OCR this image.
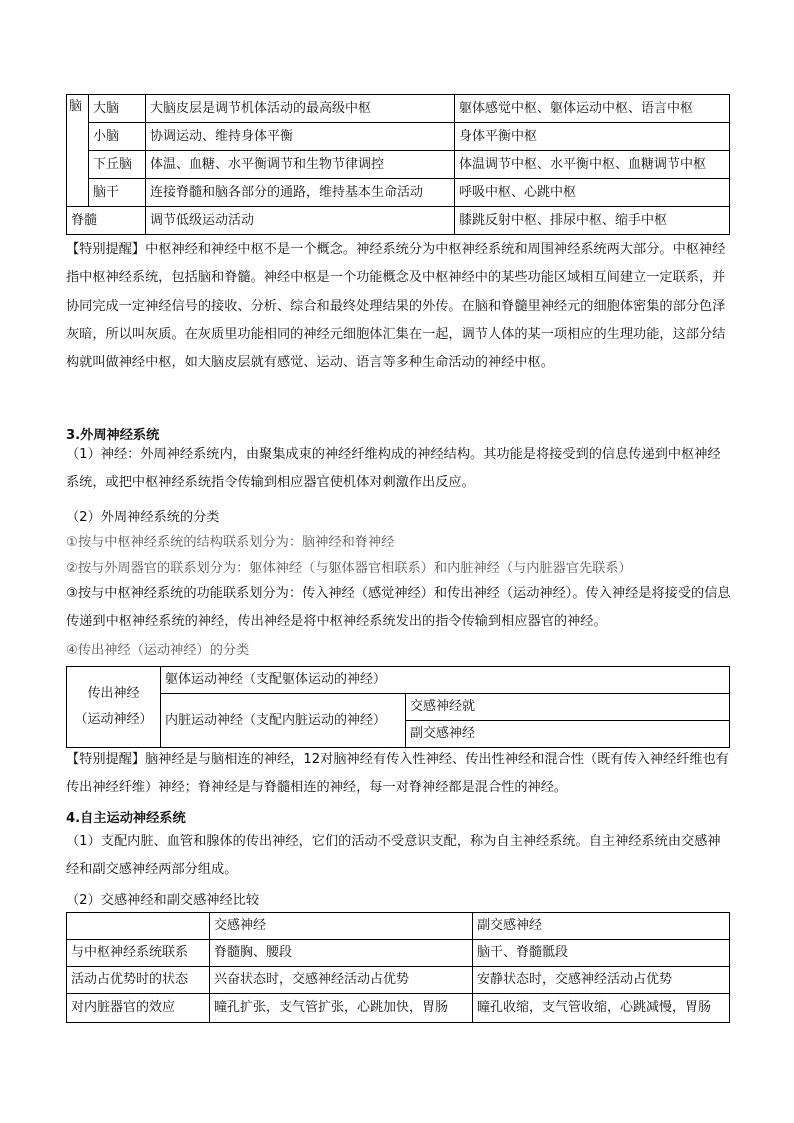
脑	大脑	大脑皮层是调节机体活动的最高级中枢	躯体感觉中枢、躯体运动中枢、语言中枢
	小脑	协调运动、维持身体平衡	身体平衡中枢
	下丘脑	体温、血糖、水平衡调节和生物节律调控	体温调节中枢、水平衡中枢、血糖调节中枢
	脑干	连接脊髓和脑各部分的通路，维持基本生命活动	呼吸中枢、心跳中枢
脊髓		调节低级运动活动	膝跳反射中枢、排尿中枢、缩手中枢

【特别提醒】中枢神经和神经中枢不是一个概念。神经系统分为中枢神经系统和周围神经系统两大部分。中枢神经指中枢神经系统，包括脑和脊髓。神经中枢是一个功能概念及中枢神经中的某些功能区域相互间建立一定联系，并协同完成一定神经信号的接收、分析、综合和最终处理结果的外传。在脑和脊髓里神经元的细胞体密集的部分色泽灰暗，所以叫灰质。在灰质里功能相同的神经元细胞体汇集在一起，调节人体的某一项相应的生理功能，这部分结构就叫做神经中枢，如大脑皮层就有感觉、运动、语言等多种生命活动的神经中枢。

3.外周神经系统

（1）神经：外周神经系统内，由聚集成束的神经纤维构成的神经结构。其功能是将接受到的信息传递到中枢神经系统，或把中枢神经系统指令传输到相应器官使机体对刺激作出反应。

（2）外周神经系统的分类

①按与中枢神经系统的结构联系划分为：脑神经和脊神经

②按与外周器官的联系划分为：躯体神经（与躯体器官相联系）和内脏神经（与内脏器官先联系）

③按与中枢神经系统的功能联系划分为：传入神经（感觉神经）和传出神经（运动神经）。传入神经是将接受的信息传递到中枢神经系统的神经，传出神经是将中枢神经系统发出的指令传输到相应器官的神经。

④传出神经（运动神经）的分类

传出神经
（运动神经）	躯体运动神经（支配躯体运动的神经）	
	内脏运动神经（支配内脏运动的神经）	交感神经就
		副交感神经

【特别提醒】脑神经是与脑相连的神经，12对脑神经有传入性神经、传出性神经和混合性（既有传入神经纤维也有传出神经纤维）神经；脊神经是与脊髓相连的神经，每一对脊神经都是混合性的神经。

4.自主运动神经系统

（1）支配内脏、血管和腺体的传出神经，它们的活动不受意识支配，称为自主神经系统。自主神经系统由交感神经和副交感神经两部分组成。

（2）交感神经和副交感神经比较

	交感神经	副交感神经
与中枢神经系统联系	脊髓胸、腰段	脑干、脊髓骶段
活动占优势时的状态	兴奋状态时，交感神经活动占优势	安静状态时，交感神经活动占优势
对内脏器官的效应	瞳孔扩张，支气管扩张，心跳加快，胃肠	瞳孔收缩，支气管收缩，心跳减慢，胃肠
